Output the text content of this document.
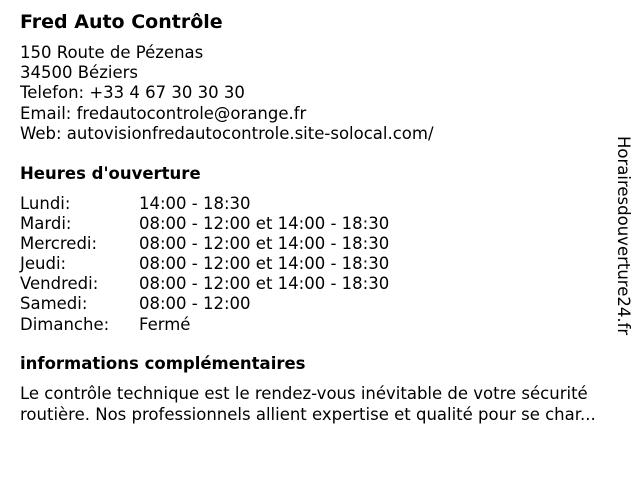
Fred Auto Contrôle
150 Route de Pézenas
34500 Béziers
Telefon: +33 4 67 30 30 30
Email: fredautocontrole@orange.fr
Web: autovisionfredautocontrole.site-solocal.com/
Heures d'ouverture
Lundi:	14:00 - 18:30
Mardi:	08:00 - 12:00 et 14:00 - 18:30
Mercredi:	08:00 - 12:00 et 14:00 - 18:30
Jeudi:	08:00 - 12:00 et 14:00 - 18:30
Vendredi:	08:00 - 12:00 et 14:00 - 18:30
Samedi:	08:00 - 12:00
Dimanche:	Fermé
informations complémentaires
Le contrôle technique est le rendez-vous inévitable de votre sécurité
routière. Nos professionnels allient expertise et qualité pour se char...
Horairesdouverture24.fr
